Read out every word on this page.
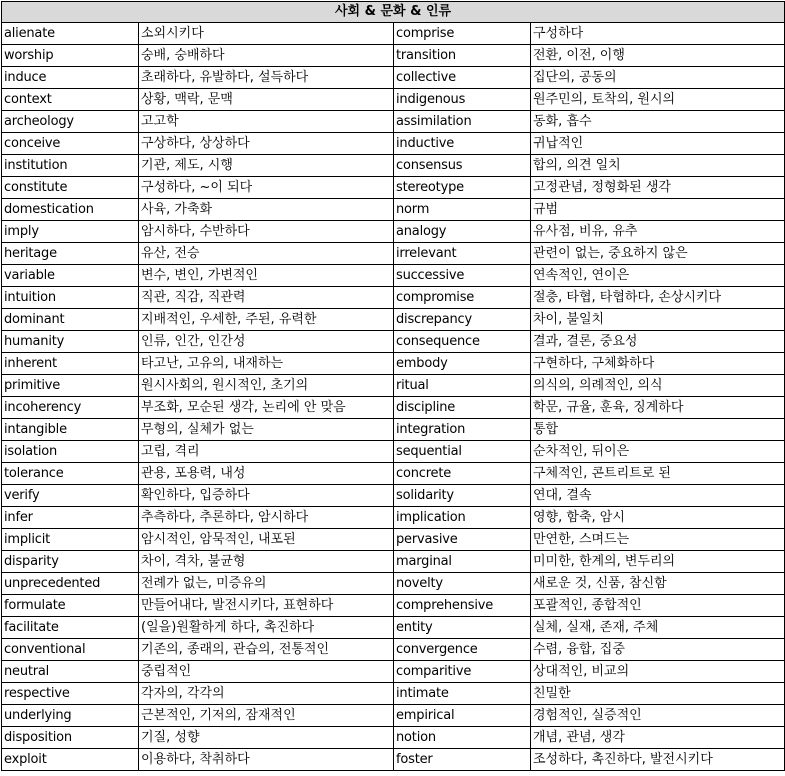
사회 & 문화 & 인류			
alienate	소외시키다	comprise	구성하다
worship	숭배, 숭배하다	transition	전환, 이전, 이행
induce	초래하다, 유발하다, 설득하다	collective	집단의, 공동의
context	상황, 맥락, 문맥	indigenous	원주민의, 토착의, 원시의
archeology	고고학	assimilation	동화, 흡수
conceive	구상하다, 상상하다	inductive	귀납적인
institution	기관, 제도, 시행	consensus	합의, 의견 일치
constitute	구성하다, ~이 되다	stereotype	고정관념, 정형화된 생각
domestication	사육, 가축화	norm	규범
imply	암시하다, 수반하다	analogy	유사점, 비유, 유추
heritage	유산, 전승	irrelevant	관련이 없는, 중요하지 않은
variable	변수, 변인, 가변적인	successive	연속적인, 연이은
intuition	직관, 직감, 직관력	compromise	절충, 타협, 타협하다, 손상시키다
dominant	지배적인, 우세한, 주된, 유력한	discrepancy	차이, 불일치
humanity	인류, 인간, 인간성	consequence	결과, 결론, 중요성
inherent	타고난, 고유의, 내재하는	embody	구현하다, 구체화하다
primitive	원시사회의, 원시적인, 초기의	ritual	의식의, 의례적인, 의식
incoherency	부조화, 모순된 생각, 논리에 안 맞음	discipline	학문, 규율, 훈육, 징계하다
intangible	무형의, 실체가 없는	integration	통합
isolation	고립, 격리	sequential	순차적인, 뒤이은
tolerance	관용, 포용력, 내성	concrete	구체적인, 콘트리트로 된
verify	확인하다, 입증하다	solidarity	연대, 결속
infer	추측하다, 추론하다, 암시하다	implication	영향, 함축, 암시
implicit	암시적인, 암묵적인, 내포된	pervasive	만연한, 스며드는
disparity	차이, 격차, 불균형	marginal	미미한, 한계의, 변두리의
unprecedented	전례가 없는, 미증유의	novelty	새로운 것, 신품, 참신함
formulate	만들어내다, 발전시키다, 표현하다	comprehensive	포괄적인, 종합적인
facilitate	(일을)원활하게 하다, 촉진하다	entity	실체, 실재, 존재, 주체
conventional	기존의, 종래의, 관습의, 전통적인	convergence	수렴, 융합, 집중
neutral	중립적인	comparitive	상대적인, 비교의
respective	각자의, 각각의	intimate	친밀한
underlying	근본적인, 기저의, 잠재적인	empirical	경험적인, 실증적인
disposition	기질, 성향	notion	개념, 관념, 생각
exploit	이용하다, 착취하다	foster	조성하다, 촉진하다, 발전시키다
